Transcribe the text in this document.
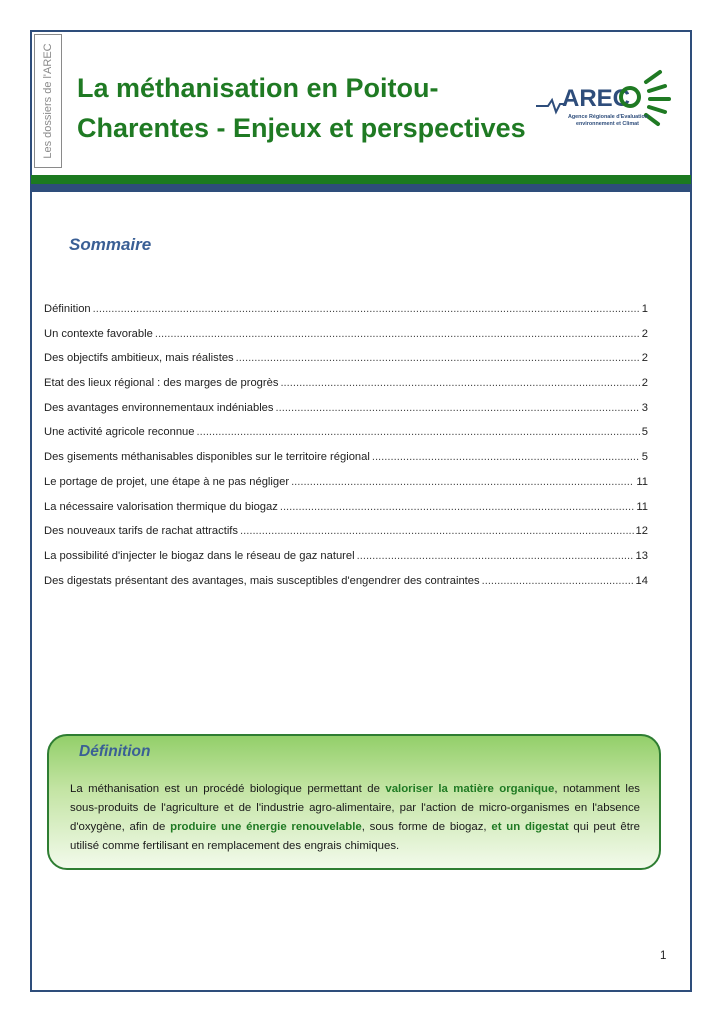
Les dossiers de l'AREC La méthanisation en Poitou-
Charentes - Enjeux et perspectives
AREC
Agence Régionale d'Evaluation
environnement et Climat
Sommaire
Définition .....	1
Un contexte favorable .....	2
Des objectifs ambitieux, mais réalistes .....	2
Etat des lieux régional : des marges de progrès .....	2
Des avantages environnementaux indéniables .....	3
Une activité agricole reconnue .....	5
Des gisements méthanisables disponibles sur le territoire régional .....	5
Le portage de projet, une étape à ne pas négliger .....	11
La nécessaire valorisation thermique du biogaz .....	11
Des nouveaux tarifs de rachat attractifs .....	12
La possibilité d'injecter le biogaz dans le réseau de gaz naturel .....	13
Des digestats présentant des avantages, mais susceptibles d'engendrer des contraintes .....	14
Définition

La méthanisation est un procédé biologique permettant de valoriser la matière organique, notamment les sous-produits de l'agriculture et de l'industrie agro-alimentaire, par l'action de micro-organismes en l'absence d'oxygène, afin de produire une énergie renouvelable, sous forme de biogaz, et un digestat qui peut être utilisé comme fertilisant en remplacement des engrais chimiques.

1
